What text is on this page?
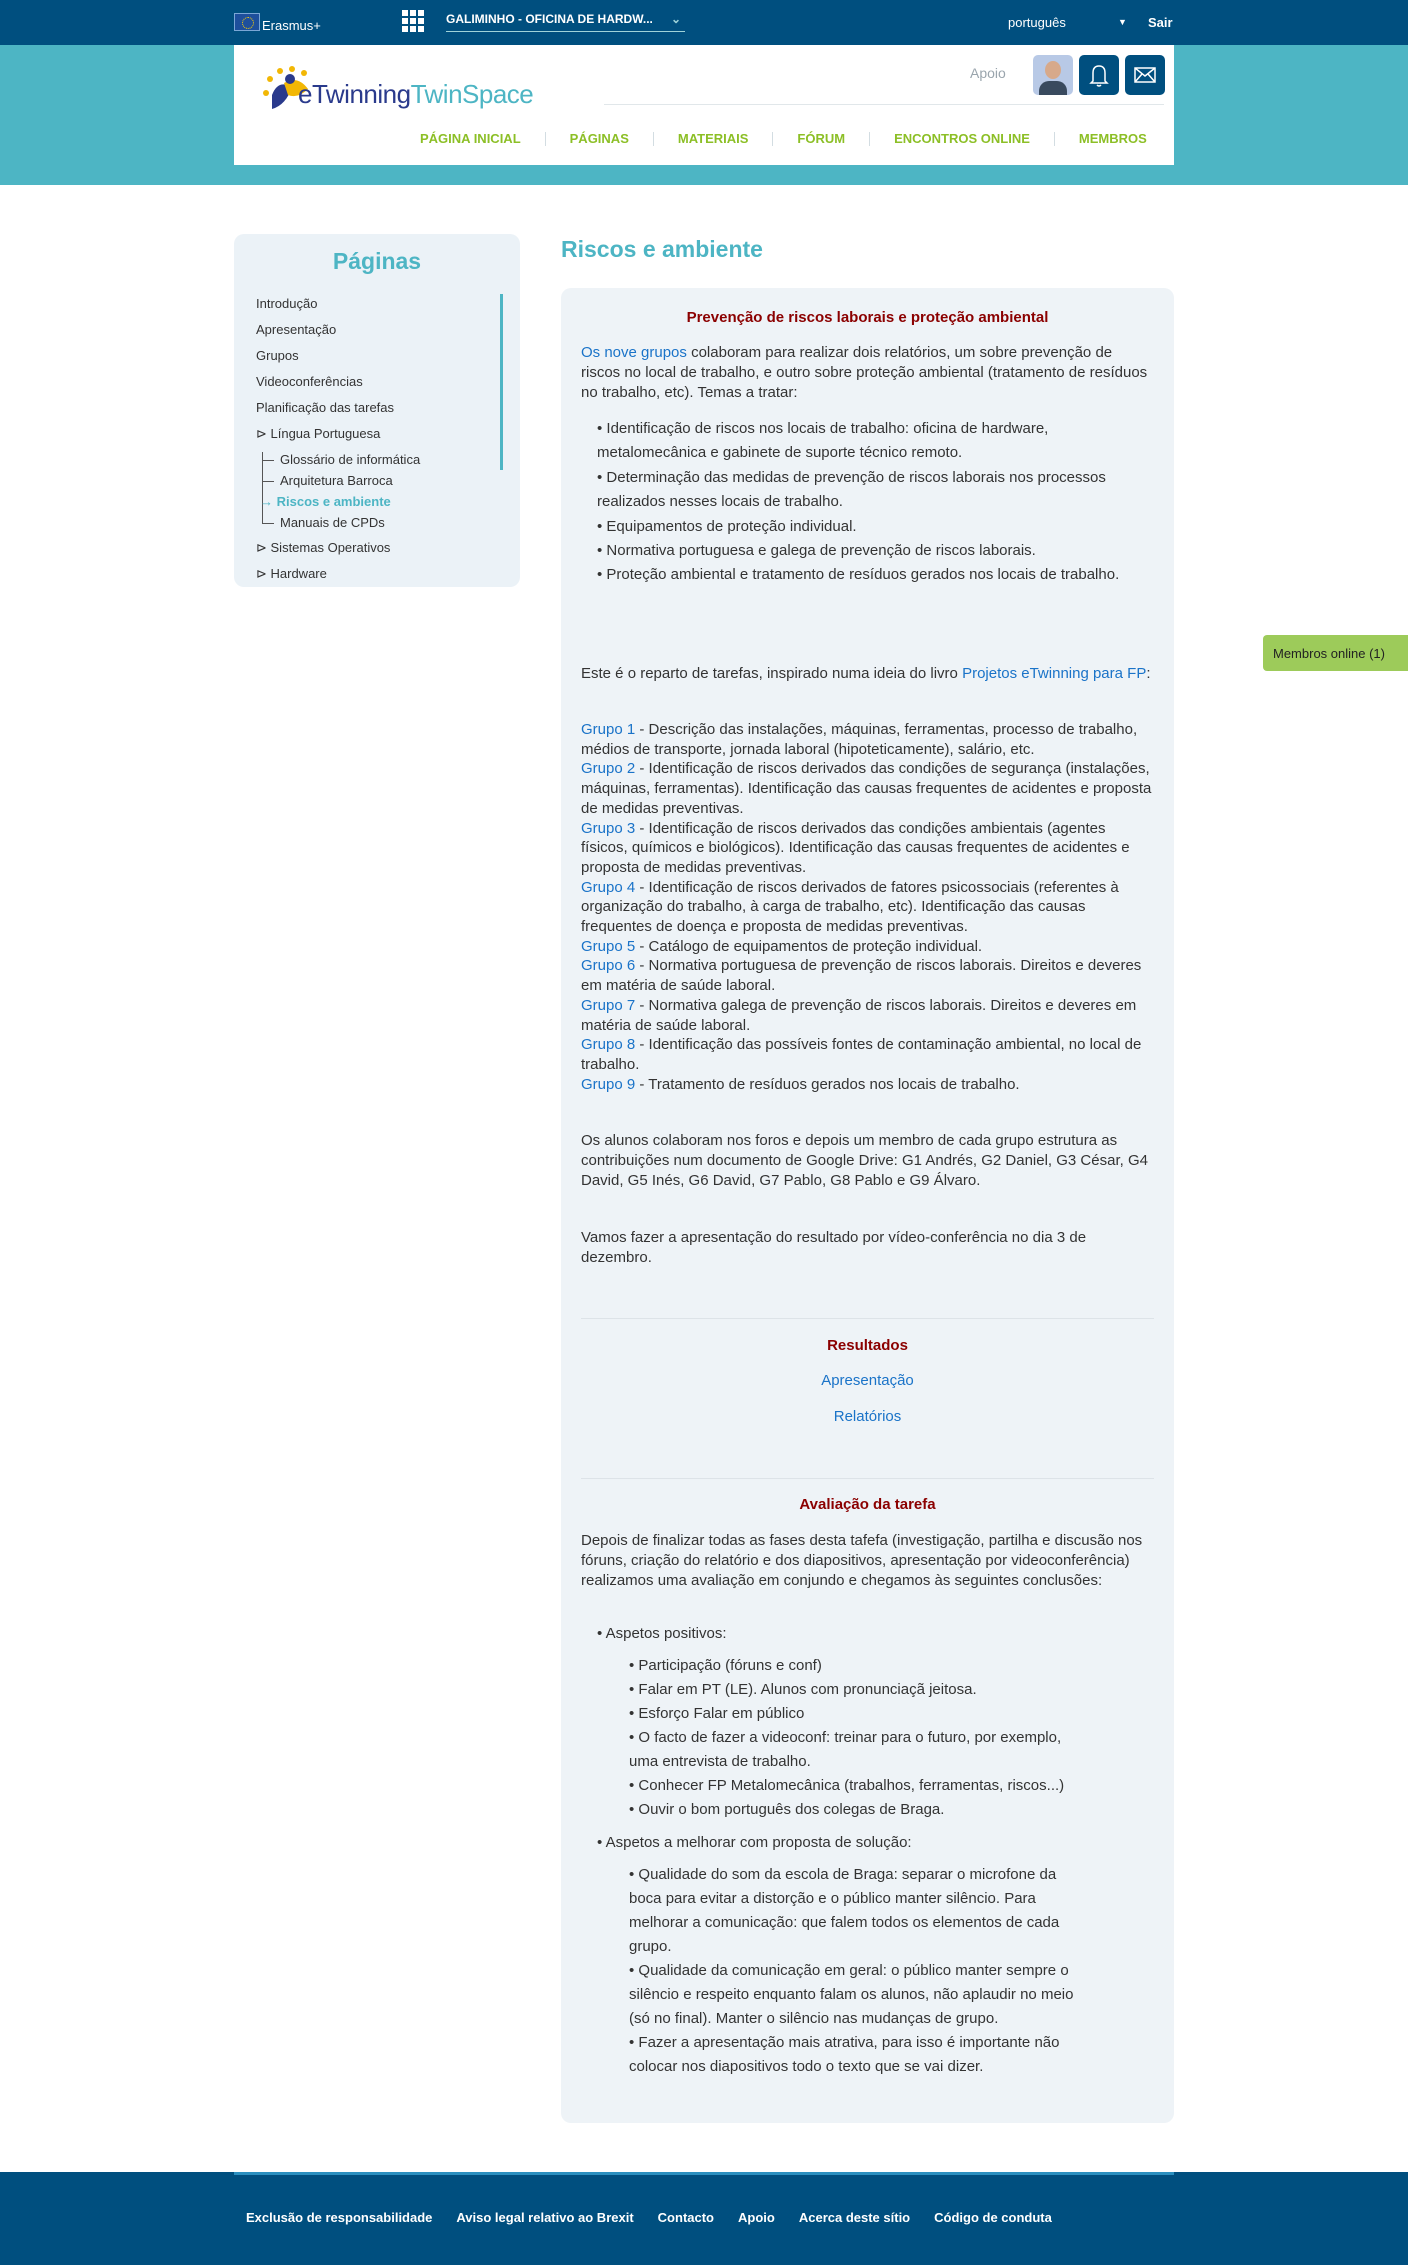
Erasmus+	GALIMINHO - OFICINA DE HARDW... ⌄	português	▼ Sair
eTwinningTwinSpace
Apoio
PÁGINA INICIAL	PÁGINAS	MATERIAIS	FÓRUM	ENCONTROS ONLINE	MEMBROS
Páginas
Introdução
Apresentação
Grupos
Videoconferências
Planificação das tarefas
⊳ Língua Portuguesa
Glossário de informática
Arquitetura Barroca
→ Riscos e ambiente
Manuais de CPDs
⊳ Sistemas Operativos
⊳ Hardware
Riscos e ambiente
Prevenção de riscos laborais e proteção ambiental
Os nove grupos colaboram para realizar dois relatórios, um sobre prevenção de riscos no local de trabalho, e outro sobre proteção ambiental (tratamento de resíduos no trabalho, etc). Temas a tratar:
• Identificação de riscos nos locais de trabalho: oficina de hardware, metalomecânica e gabinete de suporte técnico remoto.
• Determinação das medidas de prevenção de riscos laborais nos processos realizados nesses locais de trabalho.
• Equipamentos de proteção individual.
• Normativa portuguesa e galega de prevenção de riscos laborais.
• Proteção ambiental e tratamento de resíduos gerados nos locais de trabalho.
Este é o reparto de tarefas, inspirado numa ideia do livro Projetos eTwinning para FP:
Grupo 1 - Descrição das instalações, máquinas, ferramentas, processo de trabalho, médios de transporte, jornada laboral (hipoteticamente), salário, etc.
Grupo 2 - Identificação de riscos derivados das condições de segurança (instalações, máquinas, ferramentas). Identificação das causas frequentes de acidentes e proposta de medidas preventivas.
Grupo 3 - Identificação de riscos derivados das condições ambientais (agentes físicos, químicos e biológicos). Identificação das causas frequentes de acidentes e proposta de medidas preventivas.
Grupo 4 - Identificação de riscos derivados de fatores psicossociais (referentes à organização do trabalho, à carga de trabalho, etc). Identificação das causas frequentes de doença e proposta de medidas preventivas.
Grupo 5 - Catálogo de equipamentos de proteção individual.
Grupo 6 - Normativa portuguesa de prevenção de riscos laborais. Direitos e deveres em matéria de saúde laboral.
Grupo 7 - Normativa galega de prevenção de riscos laborais. Direitos e deveres em matéria de saúde laboral.
Grupo 8 - Identificação das possíveis fontes de contaminação ambiental, no local de trabalho.
Grupo 9 - Tratamento de resíduos gerados nos locais de trabalho.
Os alunos colaboram nos foros e depois um membro de cada grupo estrutura as contribuições num documento de Google Drive: G1 Andrés, G2 Daniel, G3 César, G4 David, G5 Inés, G6 David, G7 Pablo, G8 Pablo e G9 Álvaro.
Vamos fazer a apresentação do resultado por vídeo-conferência no dia 3 de dezembro.
Resultados
Apresentação
Relatórios
Avaliação da tarefa
Depois de finalizar todas as fases desta tafefa (investigação, partilha e discusão nos fóruns, criação do relatório e dos diapositivos, apresentação por videoconferência) realizamos uma avaliação em conjundo e chegamos às seguintes conclusões:
• Aspetos positivos:
• Participação (fóruns e conf)
• Falar em PT (LE). Alunos com pronunciaçã jeitosa.
• Esforço Falar em público
• O facto de fazer a videoconf: treinar para o futuro, por exemplo,
uma entrevista de trabalho.
• Conhecer FP Metalomecânica (trabalhos, ferramentas, riscos...)
• Ouvir o bom português dos colegas de Braga.
• Aspetos a melhorar com proposta de solução:
• Qualidade do som da escola de Braga: separar o microfone da
boca para evitar a distorção e o público manter silêncio. Para
melhorar a comunicação: que falem todos os elementos de cada
grupo.
• Qualidade da comunicação em geral: o público manter sempre o
silêncio e respeito enquanto falam os alunos, não aplaudir no meio
(só no final). Manter o silêncio nas mudanças de grupo.
• Fazer a apresentação mais atrativa, para isso é importante não
colocar nos diapositivos todo o texto que se vai dizer.
Membros online (1)
Exclusão de responsabilidade Aviso legal relativo ao Brexit Contacto Apoio Acerca deste sítio Código de conduta
